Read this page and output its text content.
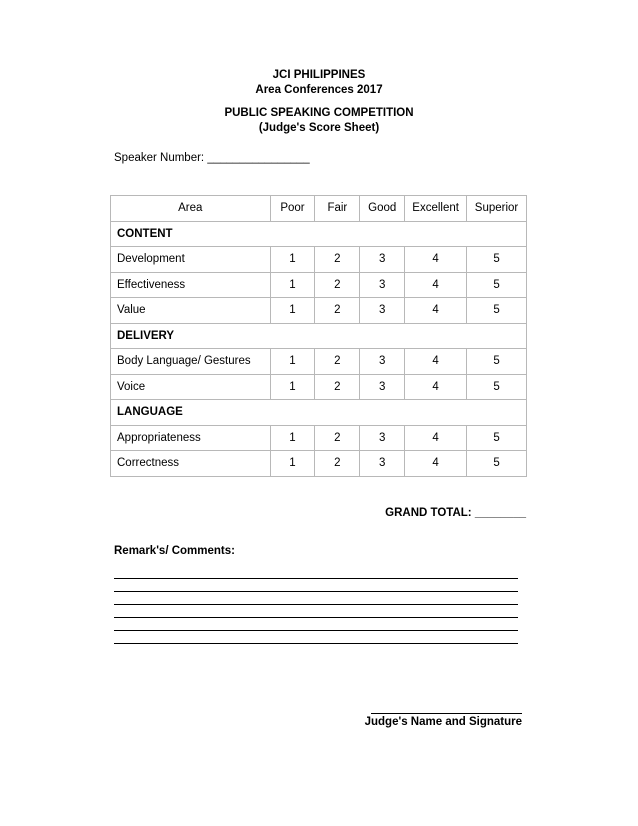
JCI PHILIPPINES
Area Conferences 2017
PUBLIC SPEAKING COMPETITION
(Judge's Score Sheet)
Speaker Number: ________________
Area	Poor	Fair	Good	Excellent	Superior
CONTENT					
Development	1	2	3	4	5
Effectiveness	1	2	3	4	5
Value	1	2	3	4	5
DELIVERY					
Body Language/ Gestures	1	2	3	4	5
Voice	1	2	3	4	5
LANGUAGE					
Appropriateness	1	2	3	4	5
Correctness	1	2	3	4	5
GRAND TOTAL: ________
Remark's/ Comments:
Judge's Name and Signature
